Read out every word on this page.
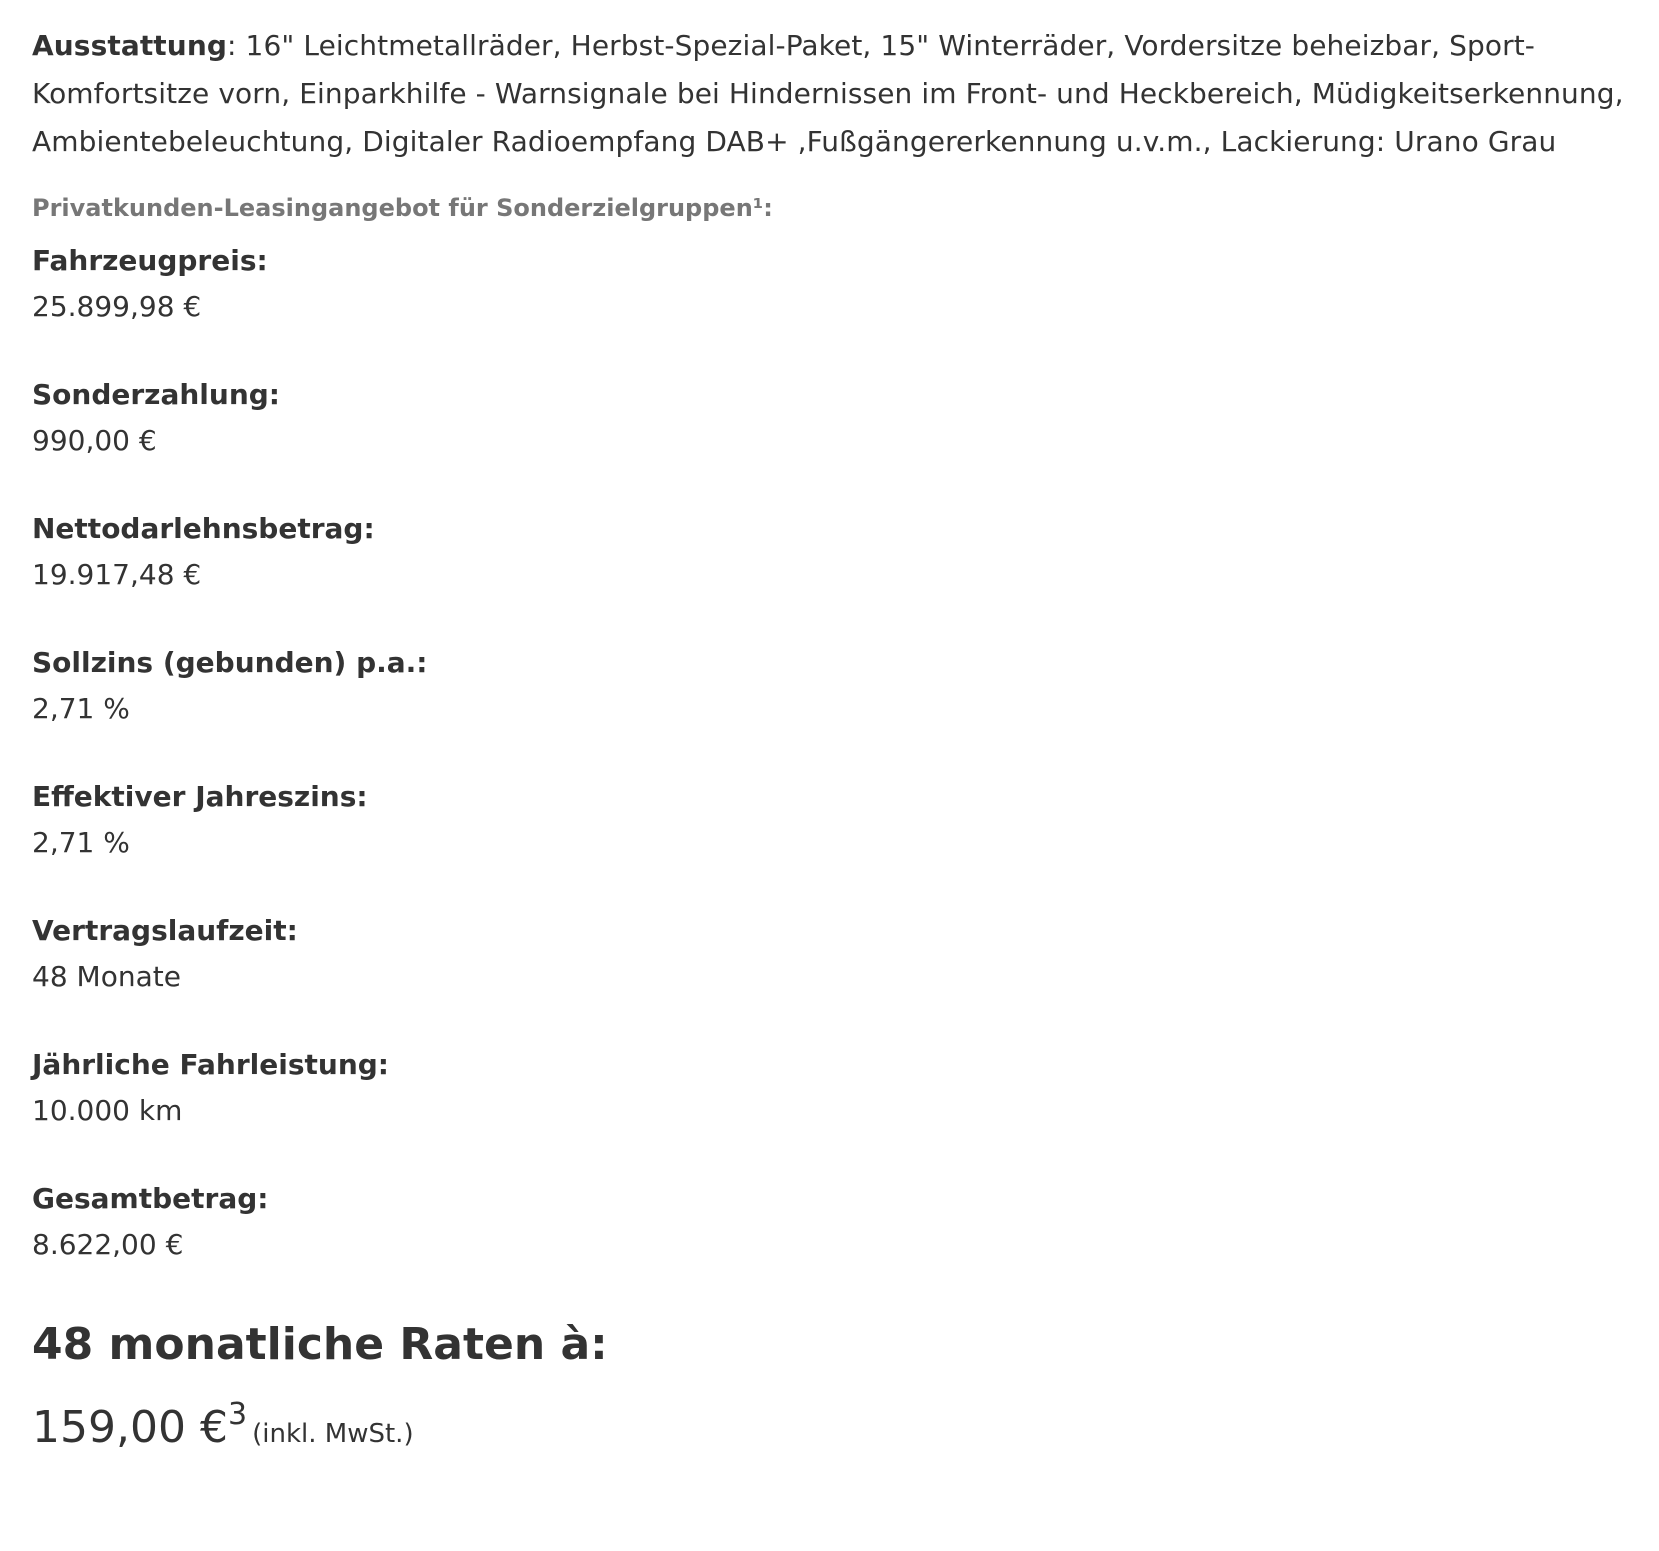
Ausstattung: 16" Leichtmetallräder, Herbst-Spezial-Paket, 15" Winterräder, Vordersitze beheizbar, Sport-Komfortsitze vorn, Einparkhilfe - Warnsignale bei Hindernissen im Front- und Heckbereich, Müdigkeitserkennung, Ambientebeleuchtung, Digitaler Radioempfang DAB+ ,Fußgängererkennung u.v.m., Lackierung: Urano Grau

Privatkunden-Leasingangebot für Sonderzielgruppen¹:
Fahrzeugpreis:
25.899,98 €
Sonderzahlung:
990,00 €
Nettodarlehnsbetrag:
19.917,48 €
Sollzins (gebunden) p.a.:
2,71 %
Effektiver Jahreszins:
2,71 %
Vertragslaufzeit:
48 Monate
Jährliche Fahrleistung:
10.000 km
Gesamtbetrag:
8.622,00 €
48 monatliche Raten à:
159,00 €$^3$ (inkl. MwSt.)
